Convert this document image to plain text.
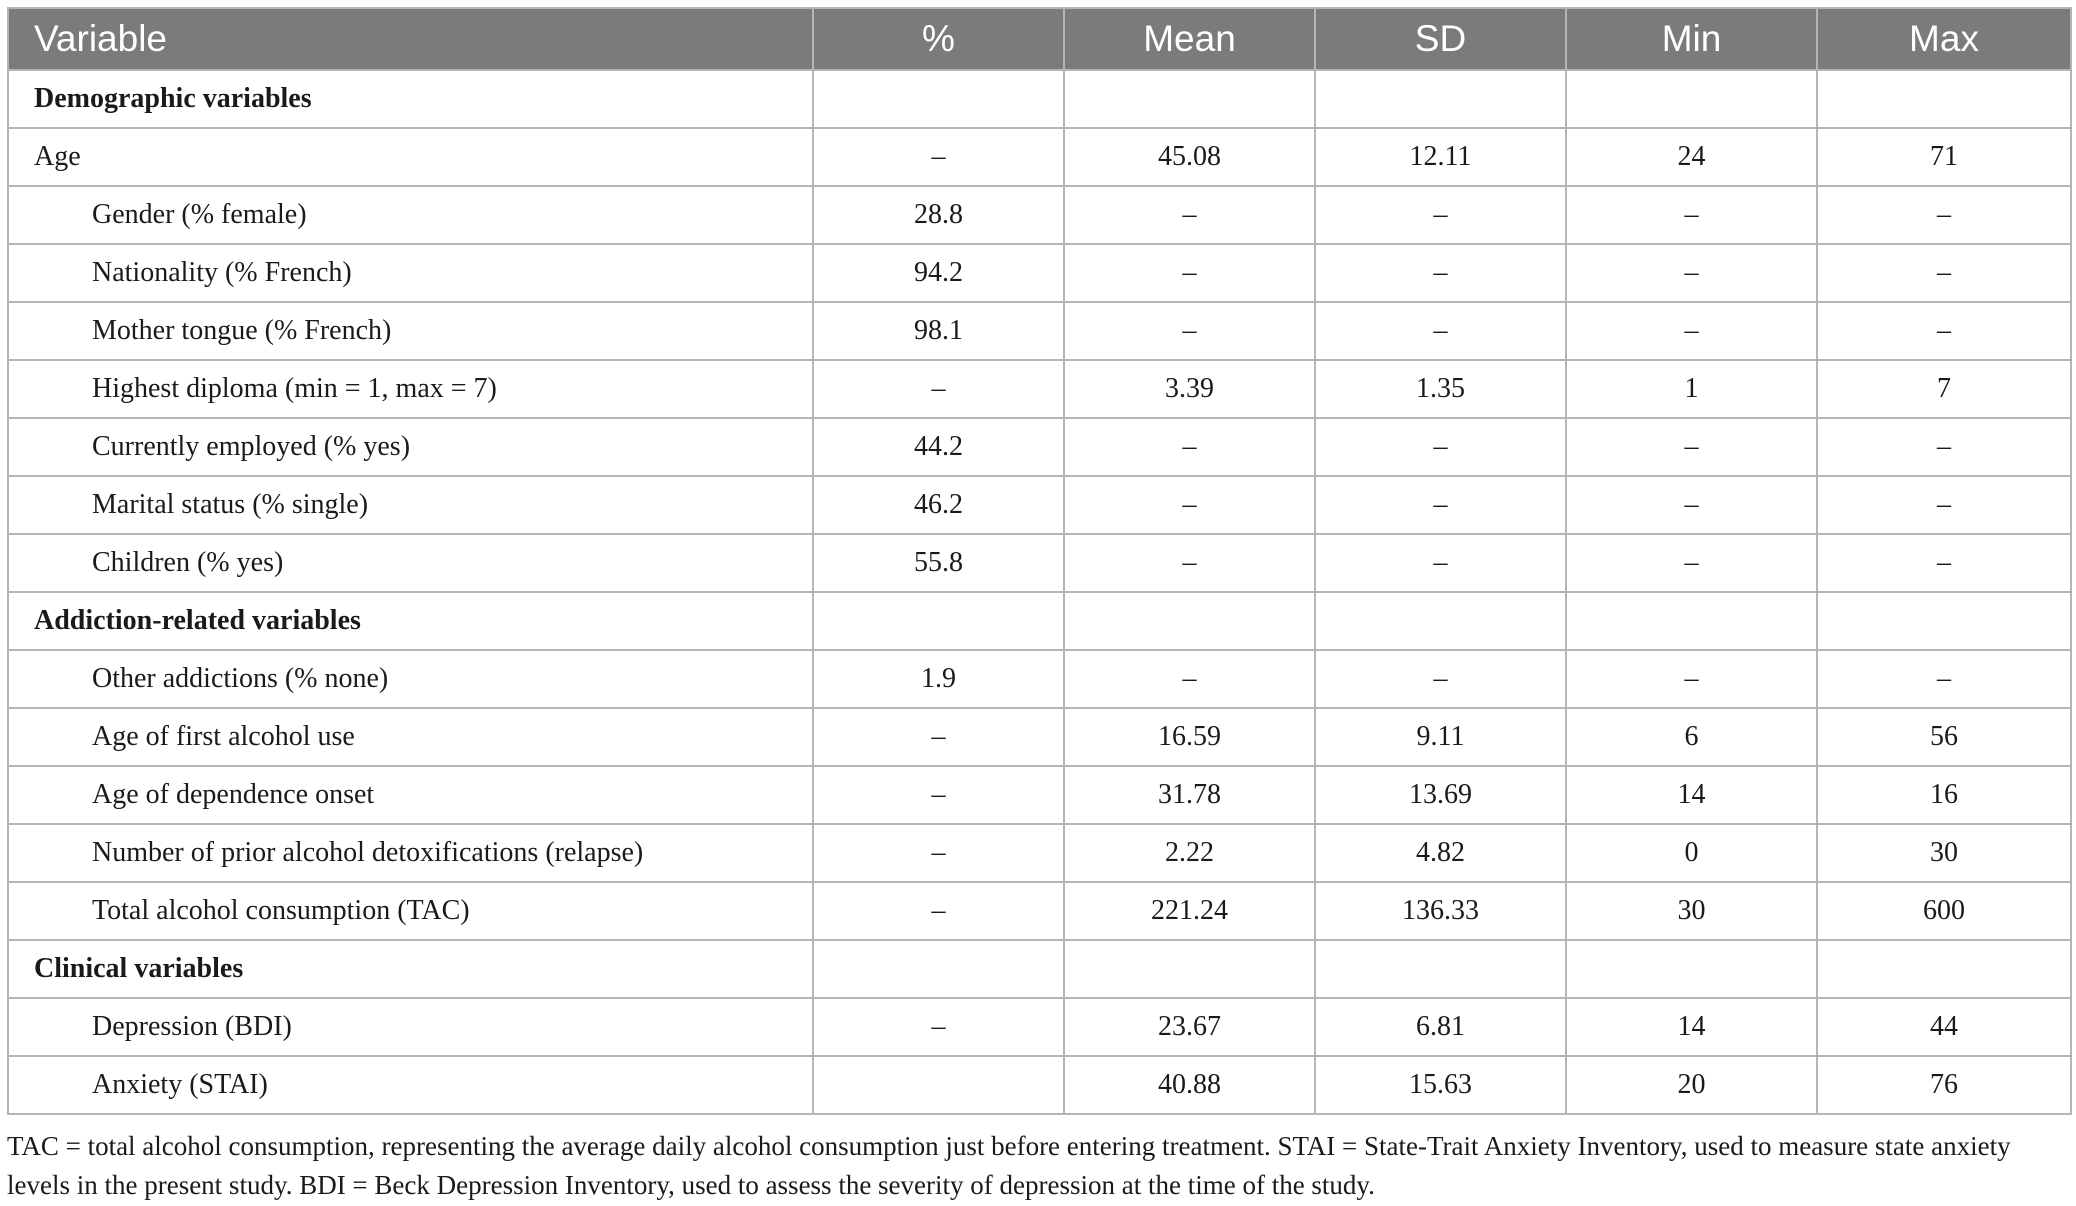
Variable	%	Mean	SD	Min	Max
Demographic variables					
Age	–	45.08	12.11	24	71
Gender (% female)	28.8	–	–	–	–
Nationality (% French)	94.2	–	–	–	–
Mother tongue (% French)	98.1	–	–	–	–
Highest diploma (min = 1, max = 7)	–	3.39	1.35	1	7
Currently employed (% yes)	44.2	–	–	–	–
Marital status (% single)	46.2	–	–	–	–
Children (% yes)	55.8	–	–	–	–
Addiction-related variables					
Other addictions (% none)	1.9	–	–	–	–
Age of first alcohol use	–	16.59	9.11	6	56
Age of dependence onset	–	31.78	13.69	14	16
Number of prior alcohol detoxifications (relapse)	–	2.22	4.82	0	30
Total alcohol consumption (TAC)	–	221.24	136.33	30	600
Clinical variables					
Depression (BDI)	–	23.67	6.81	14	44
Anxiety (STAI)		40.88	15.63	20	76
TAC = total alcohol consumption, representing the average daily alcohol consumption just before entering treatment. STAI = State-Trait Anxiety Inventory, used to measure state anxiety levels in the present study. BDI = Beck Depression Inventory, used to assess the severity of depression at the time of the study.
